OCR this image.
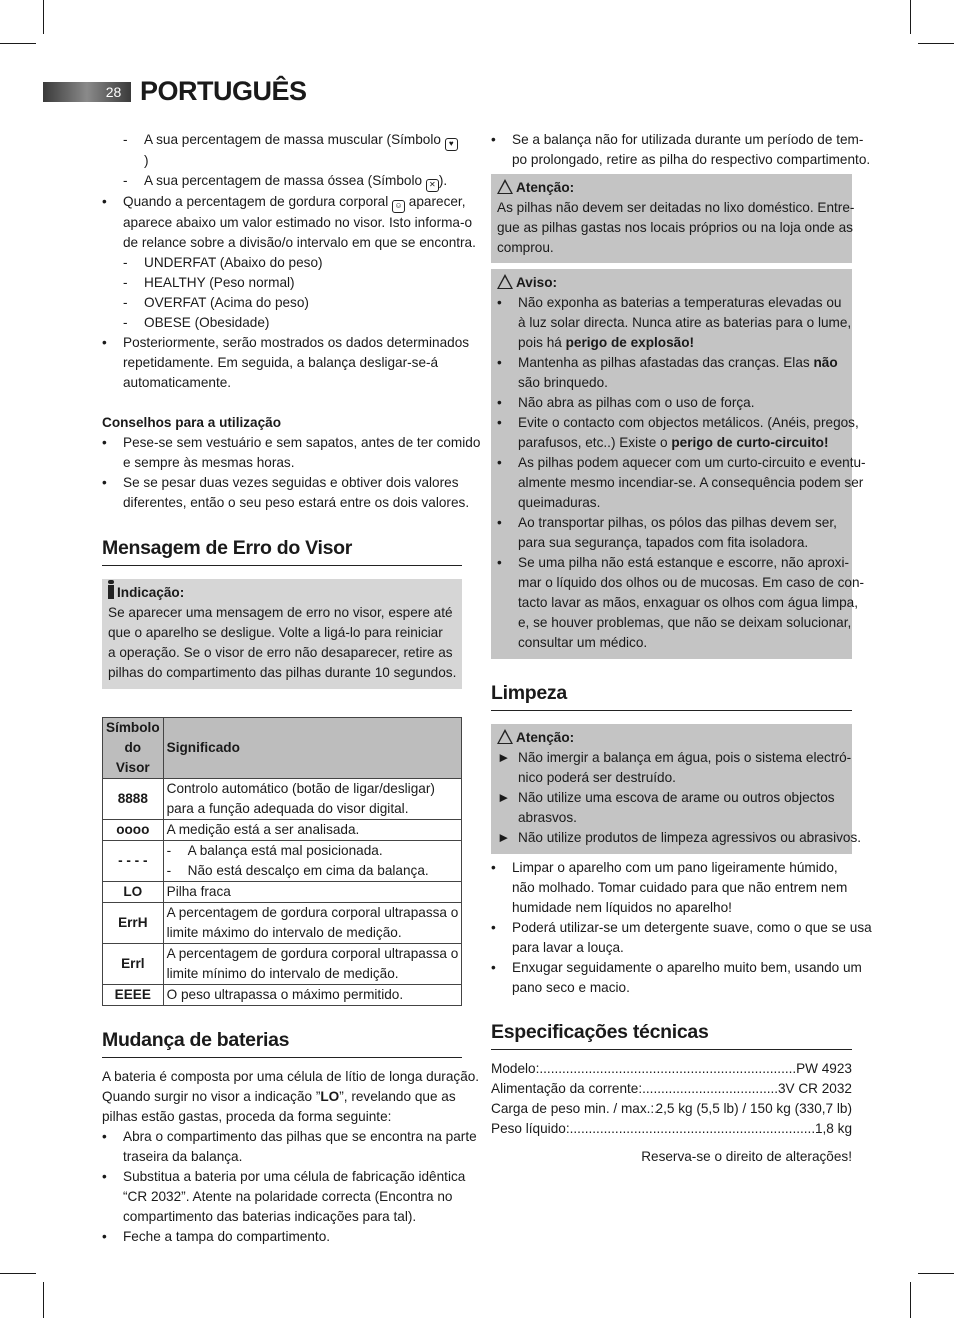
28 PORTUGUÊS
- A sua percentagem de massa muscular (Símbolo ♥)
- A sua percentagem de massa óssea (Símbolo ✕ ).
• Quando a percentagem de gordura corporal ☺ aparecer,
aparece abaixo um valor estimado no visor. Isto informa-o
de relance sobre a divisão/o intervalo em que se encontra.
- UNDERFAT (Abaixo do peso)
- HEALTHY (Peso normal)
- OVERFAT (Acima do peso)
- OBESE (Obesidade)
• Posteriormente, serão mostrados os dados determinados
repetidamente. Em seguida, a balança desligar-se-á
automaticamente.
Conselhos para a utilização
• Pese-se sem vestuário e sem sapatos, antes de ter comido
e sempre às mesmas horas.
• Se se pesar duas vezes seguidas e obtiver dois valores
diferentes, então o seu peso estará entre os dois valores.
Mensagem de Erro do Visor
Indicação:
Se aparecer uma mensagem de erro no visor, espere até
que o aparelho se desligue. Volte a ligá-lo para reiniciar
a operação. Se o visor de erro não desaparecer, retire as
pilhas do compartimento das pilhas durante 10 segundos.
Símbolo
do Visor	Significado
8888	Controlo automático (botão de ligar/desligar)
para a função adequada do visor digital.

oooo	A medição está a ser analisada.

- - - -	- A balança está mal posicionada.
- Não está descalço em cima da balança.

LO	Pilha fraca

ErrH	A percentagem de gordura corporal ultrapassa o
limite máximo do intervalo de medição.

Errl	A percentagem de gordura corporal ultrapassa o
limite mínimo do intervalo de medição.

EEEE	O peso ultrapassa o máximo permitido.
Mudança de baterias
A bateria é composta por uma célula de lítio de longa duração.
Quando surgir no visor a indicação ”LO”, revelando que as
pilhas estão gastas, proceda da forma seguinte:
• Abra o compartimento das pilhas que se encontra na parte
traseira da balança.
• Substitua a bateria por uma célula de fabricação idêntica
“CR 2032”. Atente na polaridade correcta (Encontra no
compartimento das baterias indicações para tal).
• Feche a tampa do compartimento.
• Se a balança não for utilizada durante um período de tem-
po prolongado, retire as pilha do respectivo compartimento.
Atenção:
As pilhas não devem ser deitadas no lixo doméstico. Entre-
gue as pilhas gastas nos locais próprios ou na loja onde as
comprou.
Aviso:
• Não exponha as baterias a temperaturas elevadas ou
à luz solar directa. Nunca atire as baterias para o lume,
pois há perigo de explosão!
• Mantenha as pilhas afastadas das cranças. Elas não
são brinquedo.
• Não abra as pilhas com o uso de força.
• Evite o contacto com objectos metálicos. (Anéis, pregos,
parafusos, etc..) Existe o perigo de curto-circuito!
• As pilhas podem aquecer com um curto-circuito e eventu-
almente mesmo incendiar-se. A consequência podem ser
queimaduras.
• Ao transportar pilhas, os pólos das pilhas devem ser,
para sua segurança, tapados com fita isoladora.
• Se uma pilha não está estanque e escorre, não aproxi-
mar o líquido dos olhos ou de mucosas. Em caso de con-
tacto lavar as mãos, enxaguar os olhos com água limpa,
e, se houver problemas, que não se deixam solucionar,
consultar um médico.
Limpeza
Atenção:
► Não imergir a balança em água, pois o sistema electró-
nico poderá ser destruído.
► Não utilize uma escova de arame ou outros objectos
abrasvos.
► Não utilize produtos de limpeza agressivos ou abrasivos.
• Limpar o aparelho com um pano ligeiramente húmido,
não molhado. Tomar cuidado para que não entrem nem
humidade nem líquidos no aparelho!
• Poderá utilizar-se um detergente suave, como o que se usa
para lavar a louça.
• Enxugar seguidamente o aparelho muito bem, usando um
pano seco e macio.
Especificações técnicas
Modelo: .....	PW 4923
Alimentação da corrente: .....	3V CR 2032
Carga de peso min. / max.: ..... 2,5 kg (5,5 lb) / 150 kg (330,7 lb)
Peso líquido: .....	1,8 kg
Reserva-se o direito de alterações!
